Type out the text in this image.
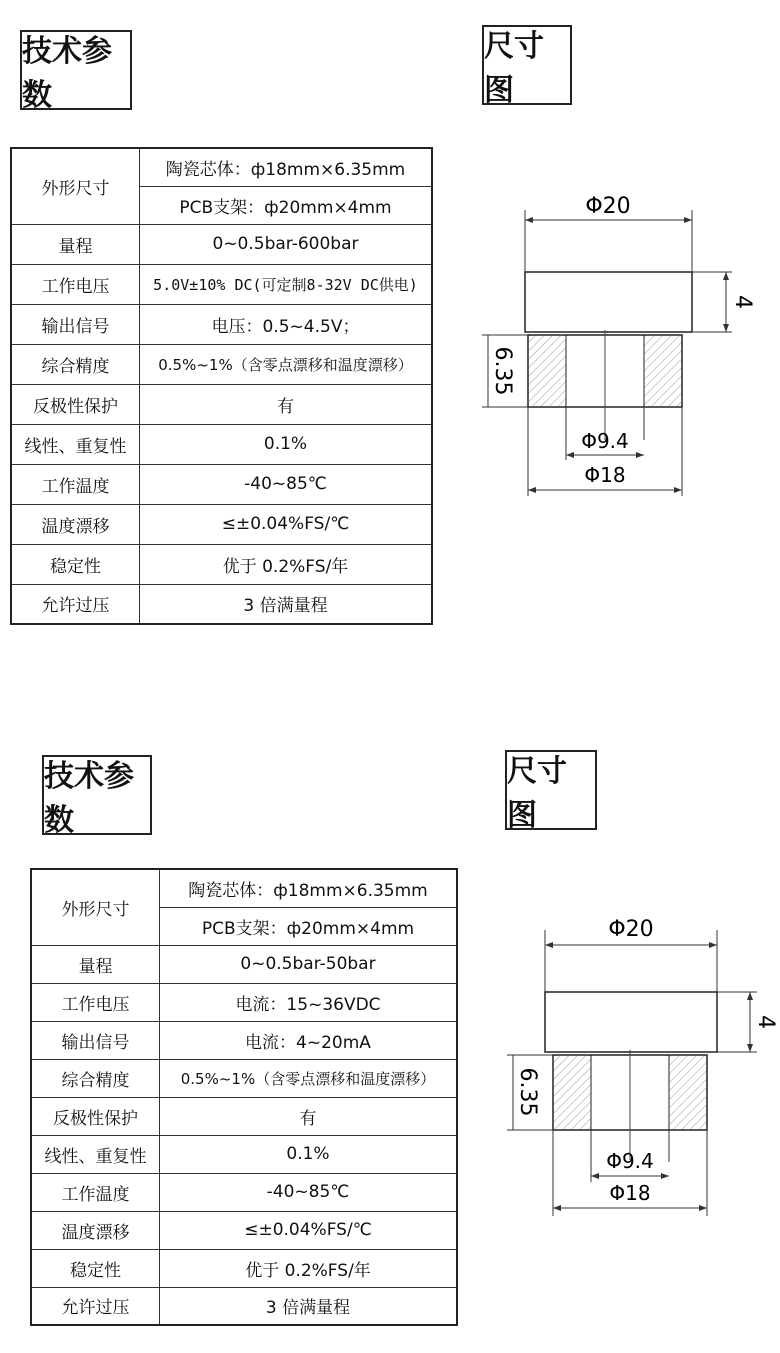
技术参数
尺寸图
外形尺寸	陶瓷芯体：ф18mm×6.35mm
	PCB支架：ф20mm×4mm
量程	0~0.5bar-600bar
工作电压	5.0V±10% DC(可定制8-32V DC供电)
输出信号	电压：0.5~4.5V；
综合精度	0.5%~1%（含零点漂移和温度漂移）
反极性保护	有
线性、重复性	0.1%
工作温度	-40~85℃
温度漂移	≤±0.04%FS/℃
稳定性	优于 0.2%FS/年
允许过压	3 倍满量程
Φ20
4
6.35
Φ9.4
Φ18
技术参数
尺寸图
外形尺寸	陶瓷芯体：ф18mm×6.35mm
	PCB支架：ф20mm×4mm
量程	0~0.5bar-50bar
工作电压	电流：15~36VDC
输出信号	电流：4~20mA
综合精度	0.5%~1%（含零点漂移和温度漂移）
反极性保护	有
线性、重复性	0.1%
工作温度	-40~85℃
温度漂移	≤±0.04%FS/℃
稳定性	优于 0.2%FS/年
允许过压	3 倍满量程
Φ20
4
6.35
Φ9.4
Φ18
